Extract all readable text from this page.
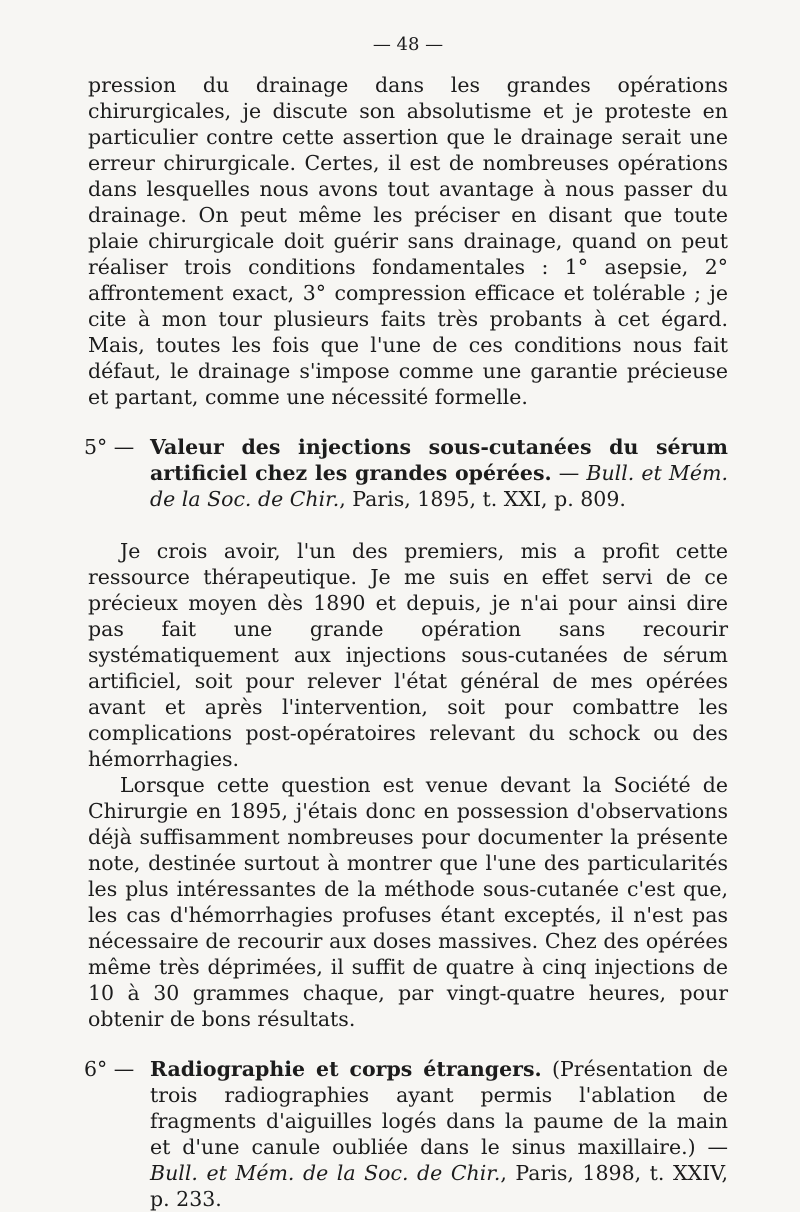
— 48 —

pression du drainage dans les grandes opérations chirurgicales, je discute son absolutisme et je proteste en particulier contre cette assertion que le drainage serait une erreur chirurgicale. Certes, il est de nombreuses opérations dans lesquelles nous avons tout avantage à nous passer du drainage. On peut même les préciser en disant que toute plaie chirurgicale doit guérir sans drainage, quand on peut réaliser trois conditions fondamentales : 1° asepsie, 2° affrontement exact, 3° compression efficace et tolérable ; je cite à mon tour plusieurs faits très probants à cet égard. Mais, toutes les fois que l'une de ces conditions nous fait défaut, le drainage s'impose comme une garantie précieuse et partant, comme une nécessité formelle.

5° — Valeur des injections sous-cutanées du sérum artificiel chez les grandes opérées. — Bull. et Mém. de la Soc. de Chir., Paris, 1895, t. XXI, p. 809.

Je crois avoir, l'un des premiers, mis a profit cette ressource thérapeutique. Je me suis en effet servi de ce précieux moyen dès 1890 et depuis, je n'ai pour ainsi dire pas fait une grande opération sans recourir systématiquement aux injections sous-cutanées de sérum artificiel, soit pour relever l'état général de mes opérées avant et après l'intervention, soit pour combattre les complications post-opératoires relevant du schock ou des hémorrhagies.

Lorsque cette question est venue devant la Société de Chirurgie en 1895, j'étais donc en possession d'observations déjà suffisamment nombreuses pour documenter la présente note, destinée surtout à montrer que l'une des particularités les plus intéressantes de la méthode sous-cutanée c'est que, les cas d'hémorrhagies profuses étant exceptés, il n'est pas nécessaire de recourir aux doses massives. Chez des opérées même très déprimées, il suffit de quatre à cinq injections de 10 à 30 grammes chaque, par vingt-quatre heures, pour obtenir de bons résultats.

6° — Radiographie et corps étrangers. (Présentation de trois radiographies ayant permis l'ablation de fragments d'aiguilles logés dans la paume de la main et d'une canule oubliée dans le sinus maxillaire.) — Bull. et Mém. de la Soc. de Chir., Paris, 1898, t. XXIV, p. 233.
